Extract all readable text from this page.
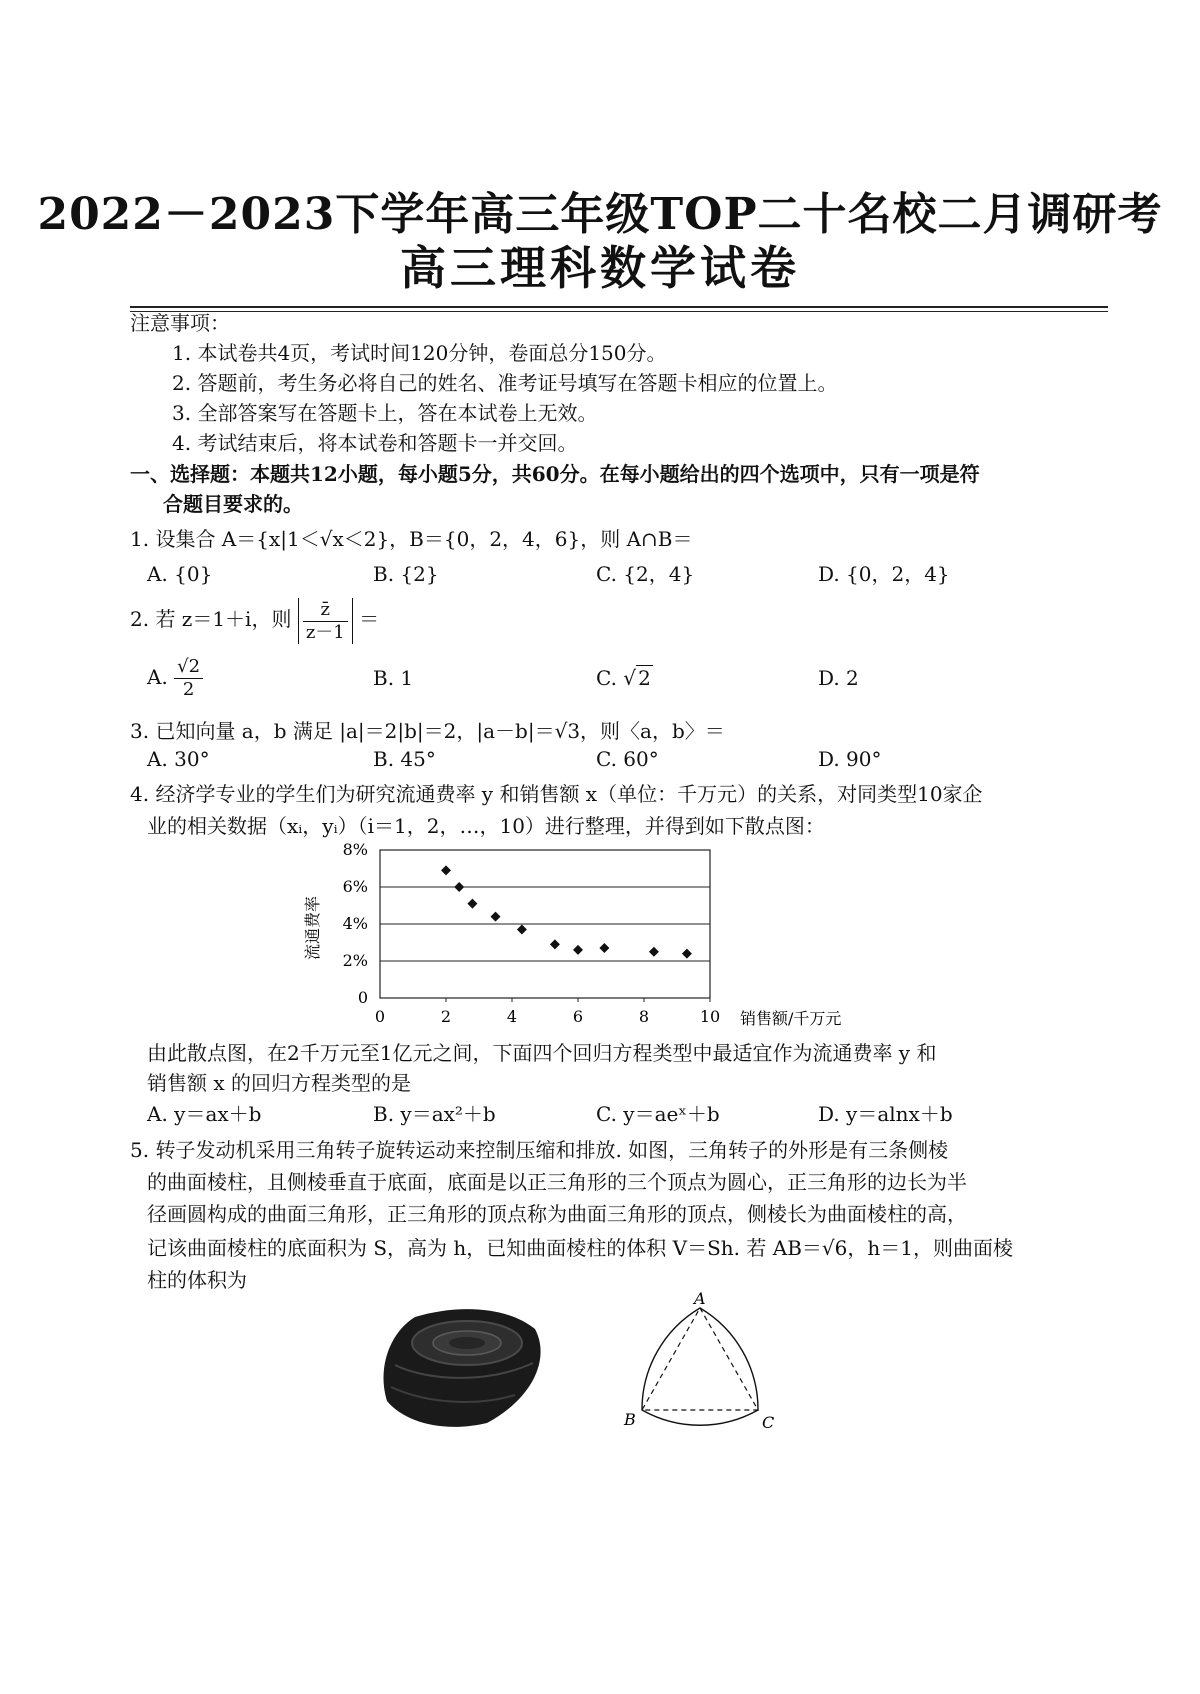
2022－2023下学年高三年级TOP二十名校二月调研考
高三理科数学试卷
注意事项：
1. 本试卷共4页，考试时间120分钟，卷面总分150分。
2. 答题前，考生务必将自己的姓名、准考证号填写在答题卡相应的位置上。
3. 全部答案写在答题卡上，答在本试卷上无效。
4. 考试结束后，将本试卷和答题卡一并交回。
一、选择题：本题共12小题，每小题5分，共60分。在每小题给出的四个选项中，只有一项是符
合题目要求的。
1. 设集合 A＝{x|1＜√x＜2}，B＝{0，2，4，6}，则 A∩B＝
A. {0}	B. {2}	C. {2，4}	D. {0，2，4}
2. 若 z＝1＋i，则 $\frac{z̄}{z-1}$ ＝
A. $\frac{√2}{2}$	B. 1	C. √ 2	D. 2
3. 已知向量 a，b 满足 |a|＝2|b|＝2，|a－b|＝√3，则〈a，b〉＝
A. 30°	B. 45°	C. 60°	D. 90°
4. 经济学专业的学生们为研究流通费率 y 和销售额 x（单位：千万元）的关系，对同类型10家企
业的相关数据（xᵢ，yᵢ）（i＝1，2，…，10）进行整理，并得到如下散点图：
0
2%
4%
6%
8%
0	2	4	6	8	10
流通费率
销售额/千万元
由此散点图，在2千万元至1亿元之间，下面四个回归方程类型中最适宜作为流通费率 y 和
销售额 x 的回归方程类型的是
A. y＝ax＋b	B. y＝ax²＋b	C. y＝aeˣ＋b	D. y＝alnx＋b
5. 转子发动机采用三角转子旋转运动来控制压缩和排放. 如图，三角转子的外形是有三条侧棱
的曲面棱柱，且侧棱垂直于底面，底面是以正三角形的三个顶点为圆心，正三角形的边长为半
径画圆构成的曲面三角形，正三角形的顶点称为曲面三角形的顶点，侧棱长为曲面棱柱的高，
记该曲面棱柱的底面积为 S，高为 h，已知曲面棱柱的体积 V＝Sh. 若 AB＝√6，h＝1，则曲面棱
柱的体积为
A
B	C
